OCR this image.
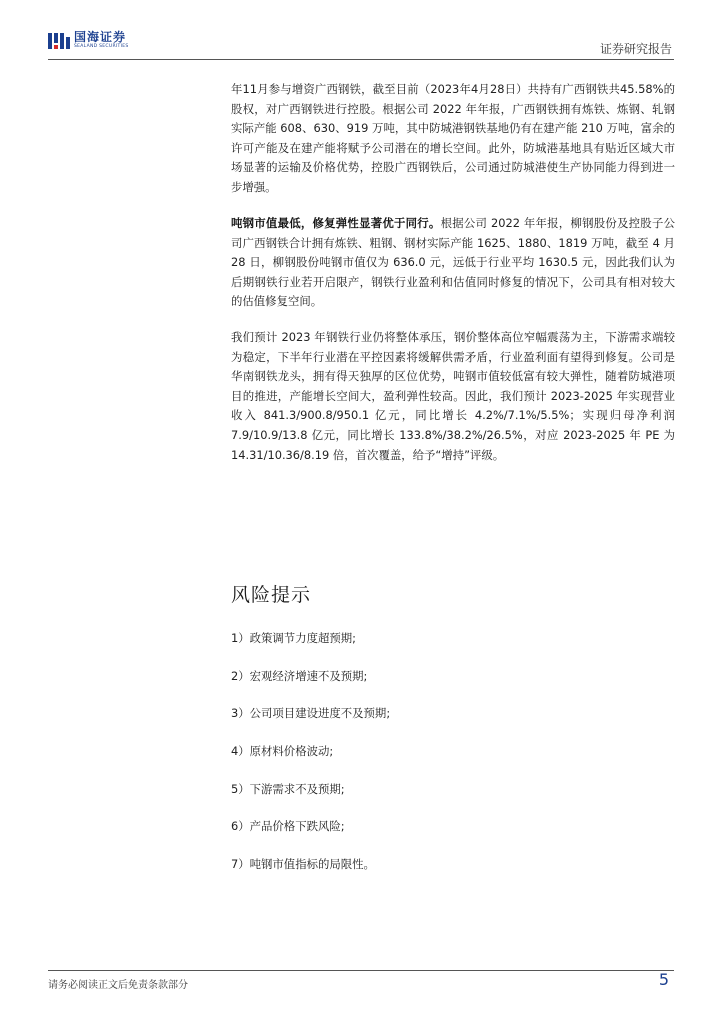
国海证券
SEALAND SECURITIES	证券研究报告

年11月参与增资广西钢铁，截至目前（2023年4月28日）共持有广西钢铁共45.58%的股权，对广西钢铁进行控股。根据公司 2022 年年报，广西钢铁拥有炼铁、炼钢、轧钢实际产能 608、630、919 万吨，其中防城港钢铁基地仍有在建产能 210 万吨，富余的许可产能及在建产能将赋予公司潜在的增长空间。此外，防城港基地具有贴近区域大市场显著的运输及价格优势，控股广西钢铁后，公司通过防城港使生产协同能力得到进一步增强。

吨钢市值最低，修复弹性显著优于同行。根据公司 2022 年年报，柳钢股份及控股子公司广西钢铁合计拥有炼铁、粗钢、钢材实际产能 1625、1880、1819 万吨，截至 4 月 28 日，柳钢股份吨钢市值仅为 636.0 元，远低于行业平均 1630.5 元，因此我们认为后期钢铁行业若开启限产，钢铁行业盈利和估值同时修复的情况下，公司具有相对较大的估值修复空间。

我们预计 2023 年钢铁行业仍将整体承压，钢价整体高位窄幅震荡为主，下游需求端较为稳定，下半年行业潜在平控因素将缓解供需矛盾，行业盈利面有望得到修复。公司是华南钢铁龙头，拥有得天独厚的区位优势，吨钢市值较低富有较大弹性，随着防城港项目的推进，产能增长空间大，盈利弹性较高。因此，我们预计 2023-2025 年实现营业收入 841.3/900.8/950.1 亿元，同比增长 4.2%/7.1%/5.5%；实现归母净利润 7.9/10.9/13.8 亿元，同比增长 133.8%/38.2%/26.5%，对应 2023-2025 年 PE 为 14.31/10.36/8.19 倍，首次覆盖，给予“增持”评级。

风险提示
1）政策调节力度超预期;
2）宏观经济增速不及预期;
3）公司项目建设进度不及预期;
4）原材料价格波动;
5）下游需求不及预期;
6）产品价格下跌风险;
7）吨钢市值指标的局限性。
请务必阅读正文后免责条款部分	5
